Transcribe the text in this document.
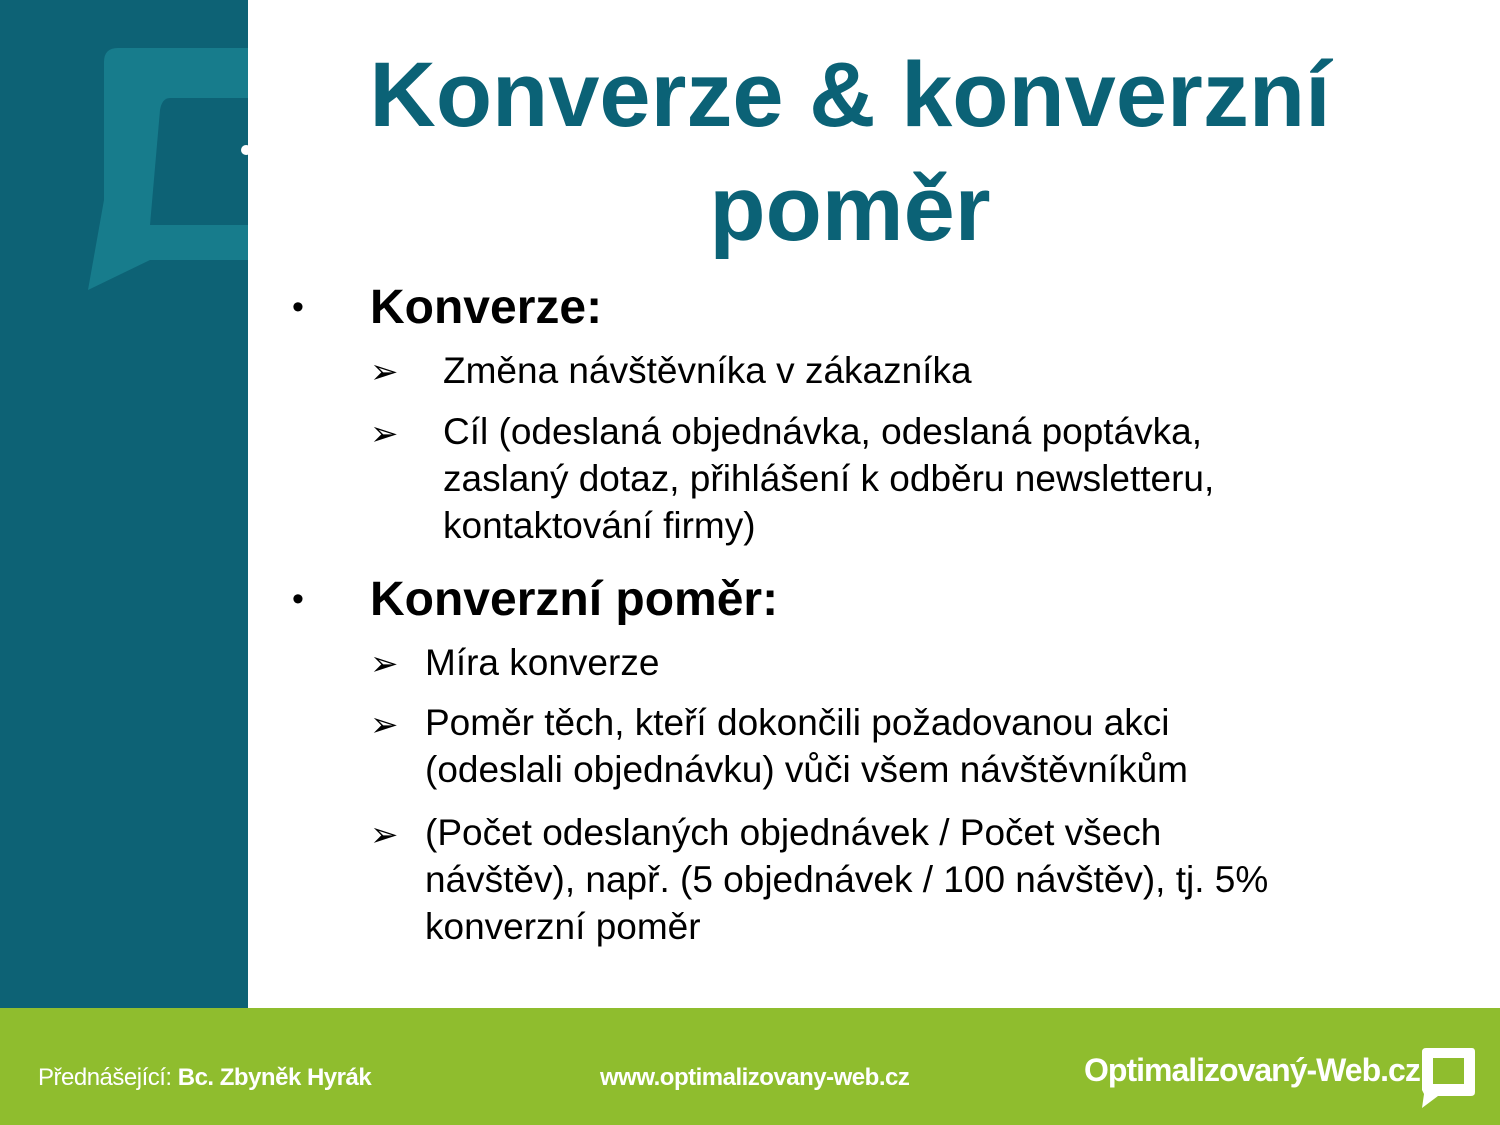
Konverze & konverzní
poměr
• Konverze:
➢ Změna návštěvníka v zákazníka
➢ Cíl (odeslaná objednávka, odeslaná poptávka,
zaslaný dotaz, přihlášení k odběru newsletteru,
kontaktování firmy)
• Konverzní poměr:
➢ Míra konverze
➢ Poměr těch, kteří dokončili požadovanou akci
(odeslali objednávku) vůči všem návštěvníkům
➢ (Počet odeslaných objednávek / Počet všech
návštěv), např. (5 objednávek / 100 návštěv), tj. 5%
konverzní poměr
Přednášející: Bc. Zbyněk Hyrák	www.optimalizovany-web.cz	Optimalizovaný-Web.cz
